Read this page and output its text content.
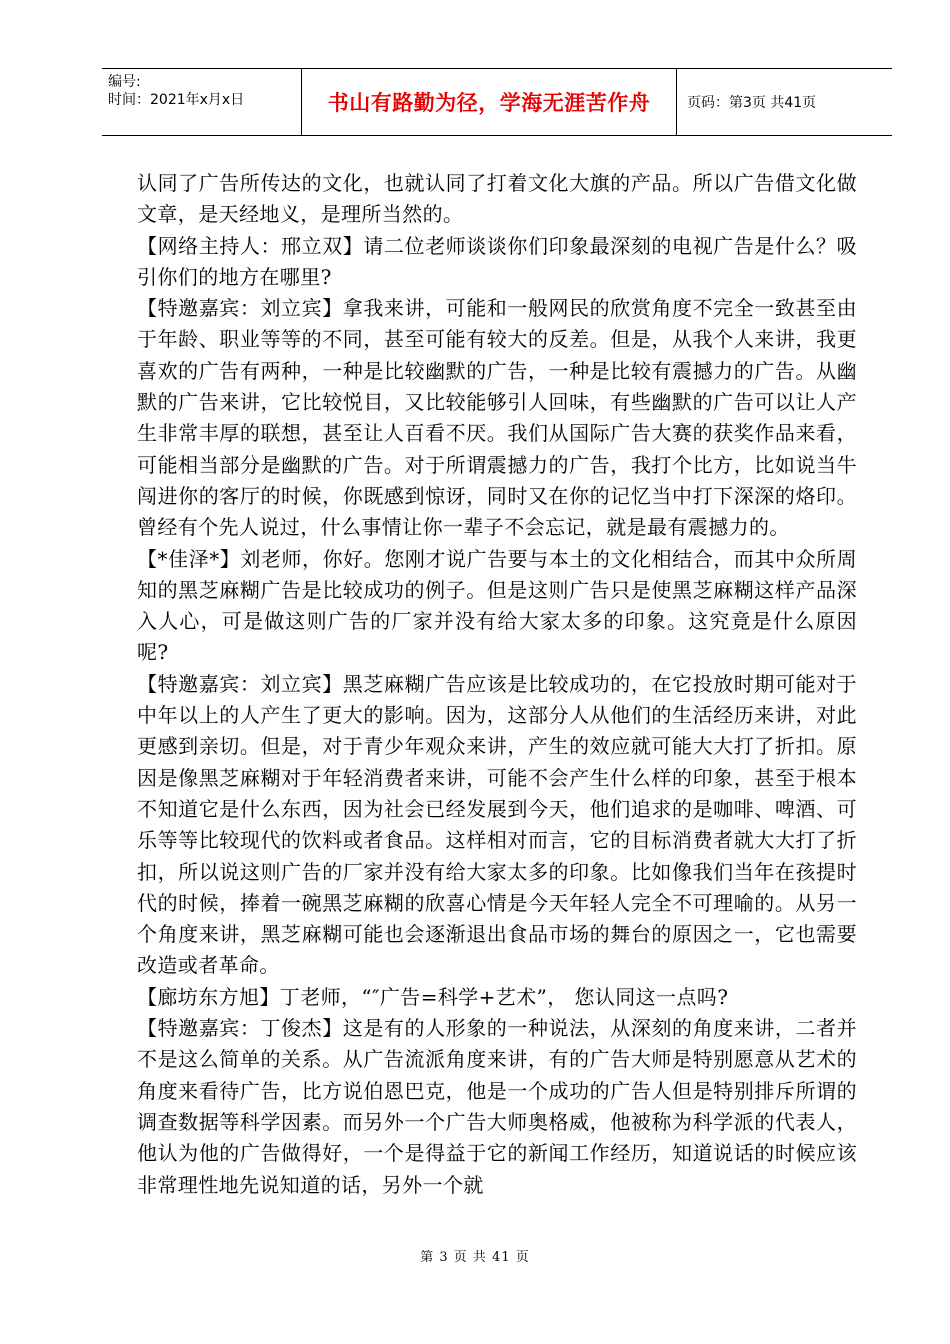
编号:
时间：2021年x月x日	书山有路勤为径，学海无涯苦作舟	页码：第3页 共41页

认同了广告所传达的文化，也就认同了打着文化大旗的产品。所以广告借文化做文章，是天经地义，是理所当然的。

【网络主持人：邢立双】请二位老师谈谈你们印象最深刻的电视广告是什么？吸引你们的地方在哪里?

【特邀嘉宾：刘立宾】拿我来讲，可能和一般网民的欣赏角度不完全一致甚至由于年龄、职业等等的不同，甚至可能有较大的反差。但是，从我个人来讲，我更喜欢的广告有两种，一种是比较幽默的广告，一种是比较有震撼力的广告。从幽默的广告来讲，它比较悦目，又比较能够引人回味，有些幽默的广告可以让人产生非常丰厚的联想，甚至让人百看不厌。我们从国际广告大赛的获奖作品来看，可能相当部分是幽默的广告。对于所谓震撼力的广告，我打个比方，比如说当牛闯进你的客厅的时候，你既感到惊讶，同时又在你的记忆当中打下深深的烙印。曾经有个先人说过，什么事情让你一辈子不会忘记，就是最有震撼力的。

【*佳泽*】刘老师，你好。您刚才说广告要与本土的文化相结合，而其中众所周知的黑芝麻糊广告是比较成功的例子。但是这则广告只是使黑芝麻糊这样产品深入人心，可是做这则广告的厂家并没有给大家太多的印象。这究竟是什么原因呢?

【特邀嘉宾：刘立宾】黑芝麻糊广告应该是比较成功的，在它投放时期可能对于中年以上的人产生了更大的影响。因为，这部分人从他们的生活经历来讲，对此更感到亲切。但是，对于青少年观众来讲，产生的效应就可能大大打了折扣。原因是像黑芝麻糊对于年轻消费者来讲，可能不会产生什么样的印象，甚至于根本不知道它是什么东西，因为社会已经发展到今天，他们追求的是咖啡、啤酒、可乐等等比较现代的饮料或者食品。这样相对而言，它的目标消费者就大大打了折扣，所以说这则广告的厂家并没有给大家太多的印象。比如像我们当年在孩提时代的时候，捧着一碗黑芝麻糊的欣喜心情是今天年轻人完全不可理喻的。从另一个角度来讲，黑芝麻糊可能也会逐渐退出食品市场的舞台的原因之一，它也需要改造或者革命。

【廊坊东方旭】丁老师，“″广告=科学+艺术”， 您认同这一点吗?

【特邀嘉宾：丁俊杰】这是有的人形象的一种说法，从深刻的角度来讲，二者并不是这么简单的关系。从广告流派角度来讲，有的广告大师是特别愿意从艺术的角度来看待广告，比方说伯恩巴克，他是一个成功的广告人但是特别排斥所谓的调查数据等科学因素。而另外一个广告大师奥格威，他被称为科学派的代表人，他认为他的广告做得好，一个是得益于它的新闻工作经历，知道说话的时候应该非常理性地先说知道的话，另外一个就

第 3 页 共 41 页
